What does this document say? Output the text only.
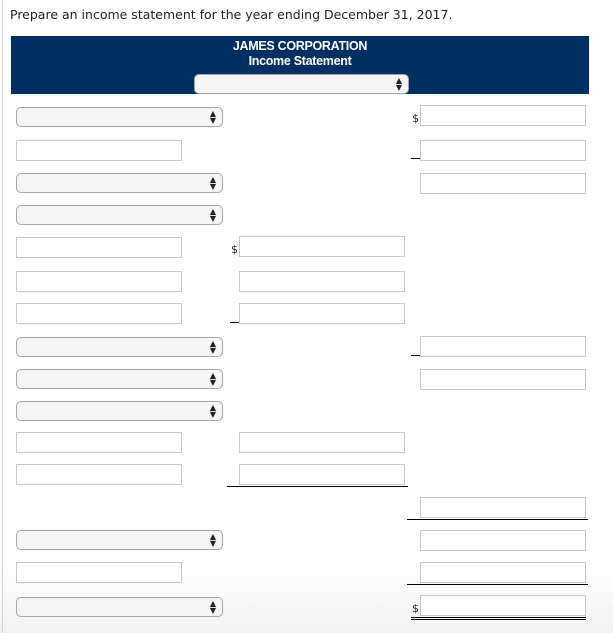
Prepare an income statement for the year ending December 31, 2017.
JAMES CORPORATION
Income Statement
▲
▼
▲
▼	$
▲
▼
▲
▼
$
▲
▼
▲
▼
▲
▼
▲
▼
▲
▼	$
